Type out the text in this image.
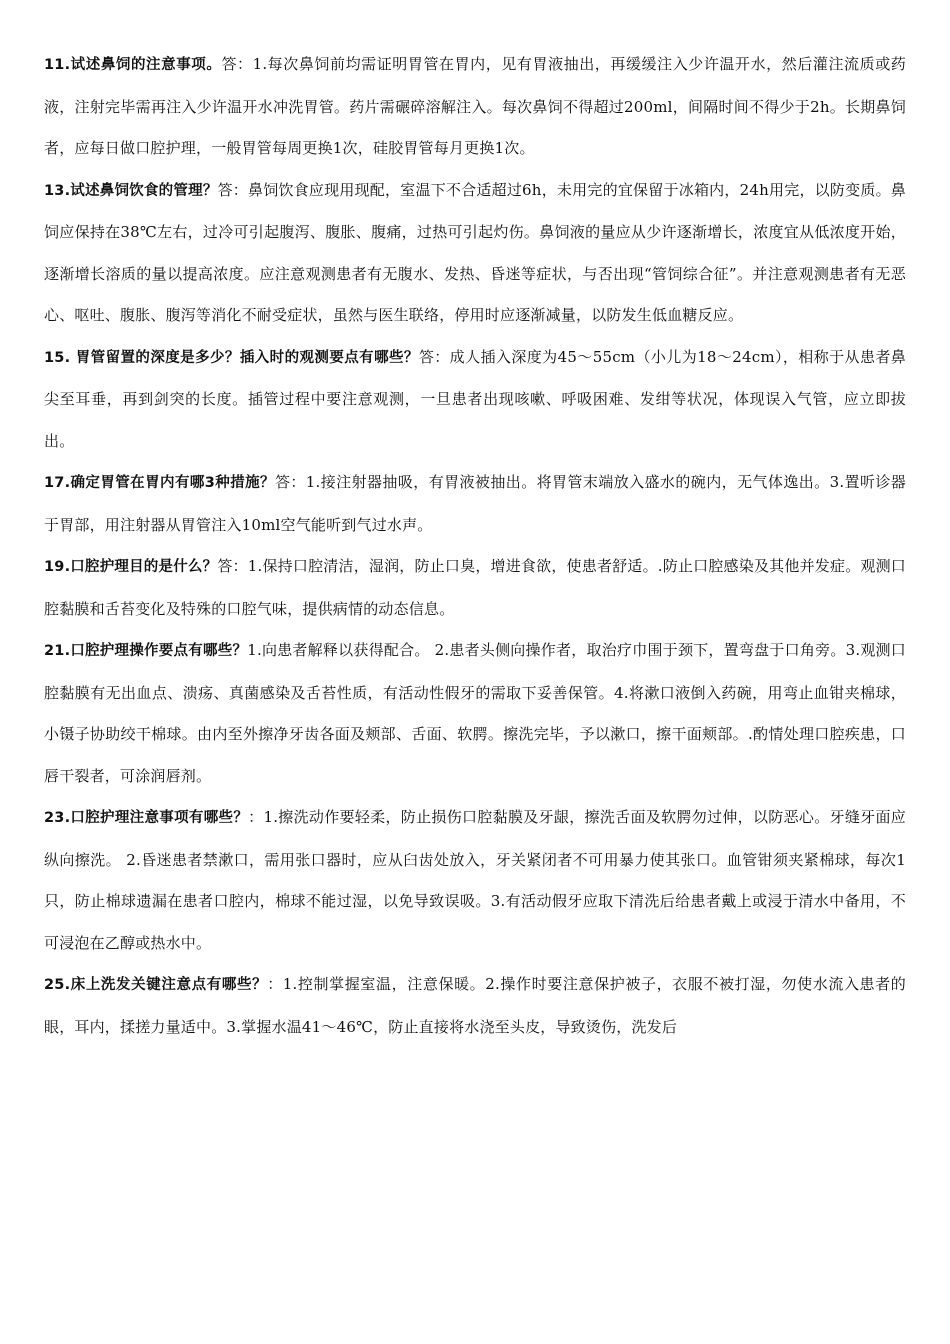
11.试述鼻饲的注意事项。答：1.每次鼻饲前均需证明胃管在胃内，见有胃液抽出，再缓缓注入少许温开水，然后灌注流质或药液，注射完毕需再注入少许温开水冲洗胃管。药片需碾碎溶解注入。每次鼻饲不得超过200ml，间隔时间不得少于2h。长期鼻饲者，应每日做口腔护理，一般胃管每周更换1次，硅胶胃管每月更换1次。

13.试述鼻饲饮食的管理？答：鼻饲饮食应现用现配，室温下不合适超过6h，未用完的宜保留于冰箱内，24h用完，以防变质。鼻饲应保持在38℃左右，过冷可引起腹泻、腹胀、腹痛，过热可引起灼伤。鼻饲液的量应从少许逐渐增长，浓度宜从低浓度开始，逐渐增长溶质的量以提高浓度。应注意观测患者有无腹水、发热、昏迷等症状，与否出现“管饲综合征”。并注意观测患者有无恶心、呕吐、腹胀、腹泻等消化不耐受症状，虽然与医生联络，停用时应逐渐减量，以防发生低血糖反应。

15. 胃管留置的深度是多少？插入时的观测要点有哪些？答：成人插入深度为45～55cm（小儿为18～24cm），相称于从患者鼻尖至耳垂，再到剑突的长度。插管过程中要注意观测，一旦患者出现咳嗽、呼吸困难、发绀等状况，体现误入气管，应立即拔出。

17.确定胃管在胃内有哪3种措施？答：1.接注射器抽吸，有胃液被抽出。将胃管末端放入盛水的碗内，无气体逸出。3.置听诊器于胃部，用注射器从胃管注入10ml空气能听到气过水声。

19.口腔护理目的是什么？答：1.保持口腔清洁，湿润，防止口臭，增进食欲，使患者舒适。.防止口腔感染及其他并发症。观测口腔黏膜和舌苔变化及特殊的口腔气味，提供病情的动态信息。

21.口腔护理操作要点有哪些？1.向患者解释以获得配合。 2.患者头侧向操作者，取治疗巾围于颈下，置弯盘于口角旁。3.观测口腔黏膜有无出血点、溃疡、真菌感染及舌苔性质，有活动性假牙的需取下妥善保管。4.将漱口液倒入药碗，用弯止血钳夹棉球，小镊子协助绞干棉球。由内至外擦净牙齿各面及颊部、舌面、软腭。擦洗完毕，予以漱口，擦干面颊部。.酌情处理口腔疾患，口唇干裂者，可涂润唇剂。

23.口腔护理注意事项有哪些？：1.擦洗动作要轻柔，防止损伤口腔黏膜及牙龈，擦洗舌面及软腭勿过伸，以防恶心。牙缝牙面应纵向擦洗。 2.昏迷患者禁漱口，需用张口器时，应从臼齿处放入，牙关紧闭者不可用暴力使其张口。血管钳须夹紧棉球，每次1只，防止棉球遗漏在患者口腔内，棉球不能过湿，以免导致误吸。3.有活动假牙应取下清洗后给患者戴上或浸于清水中备用，不可浸泡在乙醇或热水中。

25.床上洗发关键注意点有哪些？：1.控制掌握室温，注意保暖。2.操作时要注意保护被子，衣服不被打湿，勿使水流入患者的眼，耳内，揉搓力量适中。3.掌握水温41～46℃，防止直接将水浇至头皮，导致烫伤，洗发后
